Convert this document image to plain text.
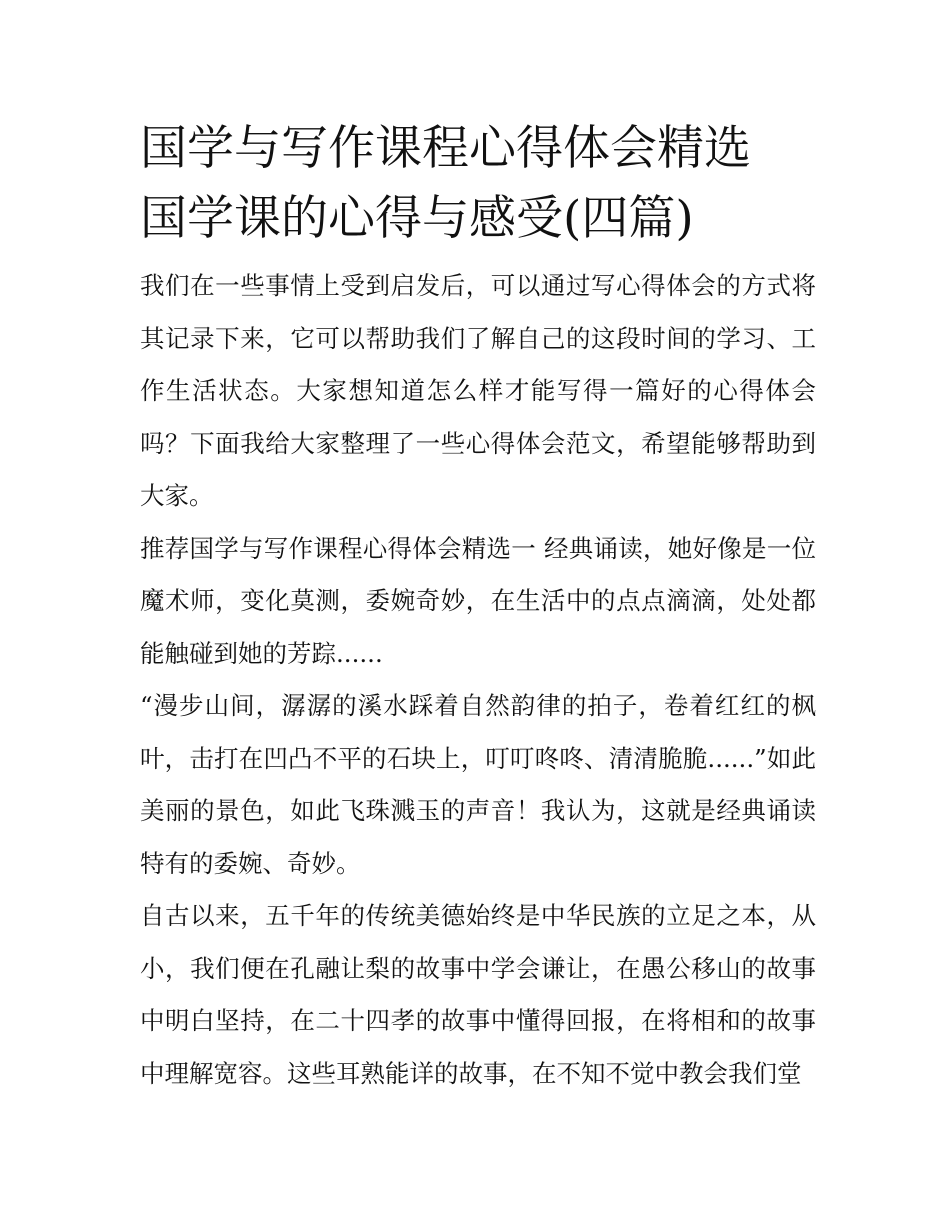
国学与写作课程心得体会精选
国学课的心得与感受(四篇)

我们在一些事情上受到启发后，可以通过写心得体会的方式将其记录下来，它可以帮助我们了解自己的这段时间的学习、工作生活状态。大家想知道怎么样才能写得一篇好的心得体会吗？下面我给大家整理了一些心得体会范文，希望能够帮助到大家。

推荐国学与写作课程心得体会精选一 经典诵读，她好像是一位魔术师，变化莫测，委婉奇妙，在生活中的点点滴滴，处处都能触碰到她的芳踪......

“漫步山间，潺潺的溪水踩着自然韵律的拍子，卷着红红的枫叶，击打在凹凸不平的石块上，叮叮咚咚、清清脆脆......”如此美丽的景色，如此飞珠溅玉的声音！我认为，这就是经典诵读特有的委婉、奇妙。

自古以来，五千年的传统美德始终是中华民族的立足之本，从小，我们便在孔融让梨的故事中学会谦让，在愚公移山的故事中明白坚持，在二十四孝的故事中懂得回报，在将相和的故事中理解宽容。这些耳熟能详的故事，在不知不觉中教会我们堂
